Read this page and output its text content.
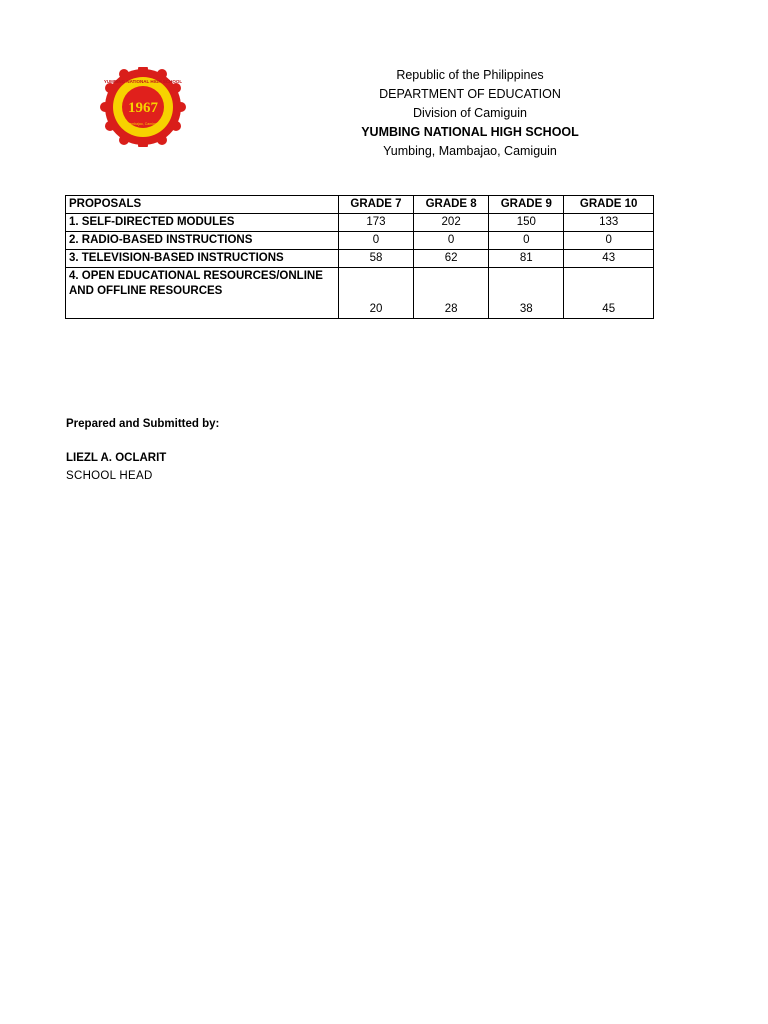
1967
Mambajao, Camiguin
YUMBING NATIONAL HIGH SCHOOL	Republic of the Philippines
DEPARTMENT OF EDUCATION
Division of Camiguin
YUMBING NATIONAL HIGH SCHOOL
Yumbing, Mambajao, Camiguin
PROPOSALS	GRADE 7	GRADE 8	GRADE 9	GRADE 10
1. SELF-DIRECTED MODULES	173	202	150	133
2. RADIO-BASED INSTRUCTIONS	0	0	0	0
3. TELEVISION-BASED INSTRUCTIONS	58	62	81	43
4. OPEN EDUCATIONAL RESOURCES/ONLINE AND OFFLINE RESOURCES	20	28	38	45
Prepared and Submitted by:
LIEZL A. OCLARIT
SCHOOL HEAD
